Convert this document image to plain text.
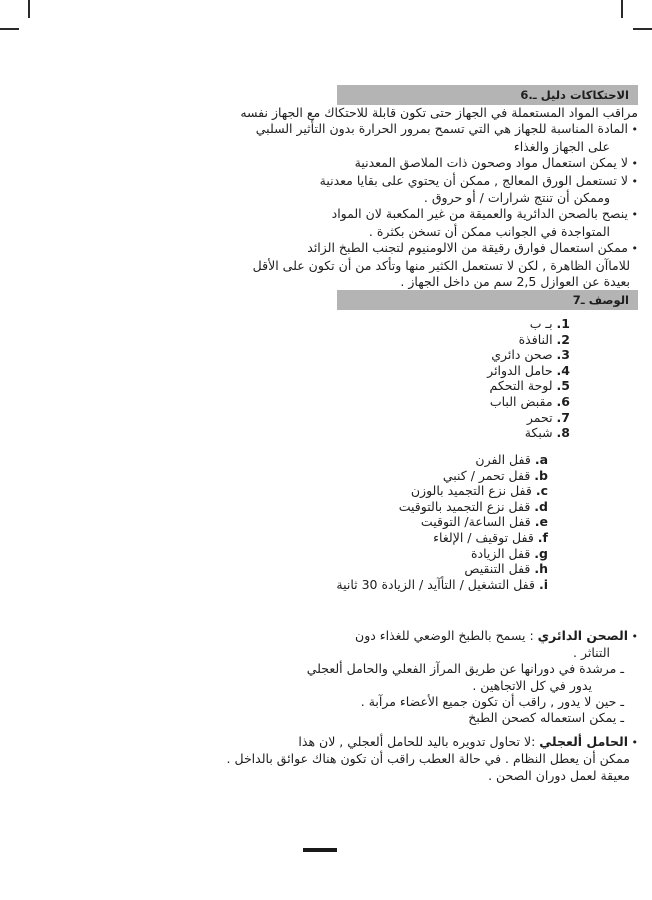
6.ـ دليل الاحتكاكات
مراقب المواد المستعملة في الجهاز حتى تكون قابلة للاحتكاك مع الجهاز نفسه
• المادة المناسبة للجهاز هي التي تسمح بمرور الحرارة بدون التأثير السلبي
على الجهاز والغذاء
• لا يمكن استعمال مواد وصحون ذات الملاصق المعدنية
• لا تستعمل الورق المعالج , ممكن أن يحتوي على بقايا معدنية
وممكن أن تنتج شرارات / أو حروق .
• ينصح بالصحن الدائرية والعميقة من غير المكعبة لان المواد
المتواجدة في الجوانب ممكن أن تسخن بكثرة .
• ممكن استعمال فوارق رقيقة من الالومنيوم لتجنب الطبخ الزائد
للاماآن الظاهرة , لكن لا تستعمل الكثير منها وتأكد من أن تكون على الأقل
بعيدة عن العوازل 2,5 سم من داخل الجهاز .
7ـ الوصف
1. بـ ب
2. النافذة
3. صحن دائري
4. حامل الدوائر
5. لوحة التحكم
6. مقبض الباب
7. تحمر
8. شبكة
a. قفل الفرن
b. قفل تحمر / كنبي
c. قفل نزع التجميد بالوزن
d. قفل نزع التجميد بالتوقيت
e. قفل الساعة/ التوقيت
f. قفل توقيف / الإلغاء
g. قفل الزيادة
h. قفل التنقيص
i. قفل التشغيل / التأآيد / الزيادة 30 ثانية
• الصحن الدائري : يسمح بالطبخ الوضعي للغذاء دون
التناثر .
ـ مرشدة في دورانها عن طريق المرآز الفعلي والحامل ألعجلي
يدور في كل الاتجاهين .
ـ حين لا يدور , راقب أن تكون جميع الأعضاء مرآبة .
ـ يمكن استعماله كصحن الطبخ
• الحامل ألعجلي :لا تحاول تدويره باليد للحامل ألعجلي , لان هذا
ممكن أن يعطل النظام . في حالة العطب راقب أن تكون هناك عوائق بالداخل .
معيقة لعمل دوران الصحن .
